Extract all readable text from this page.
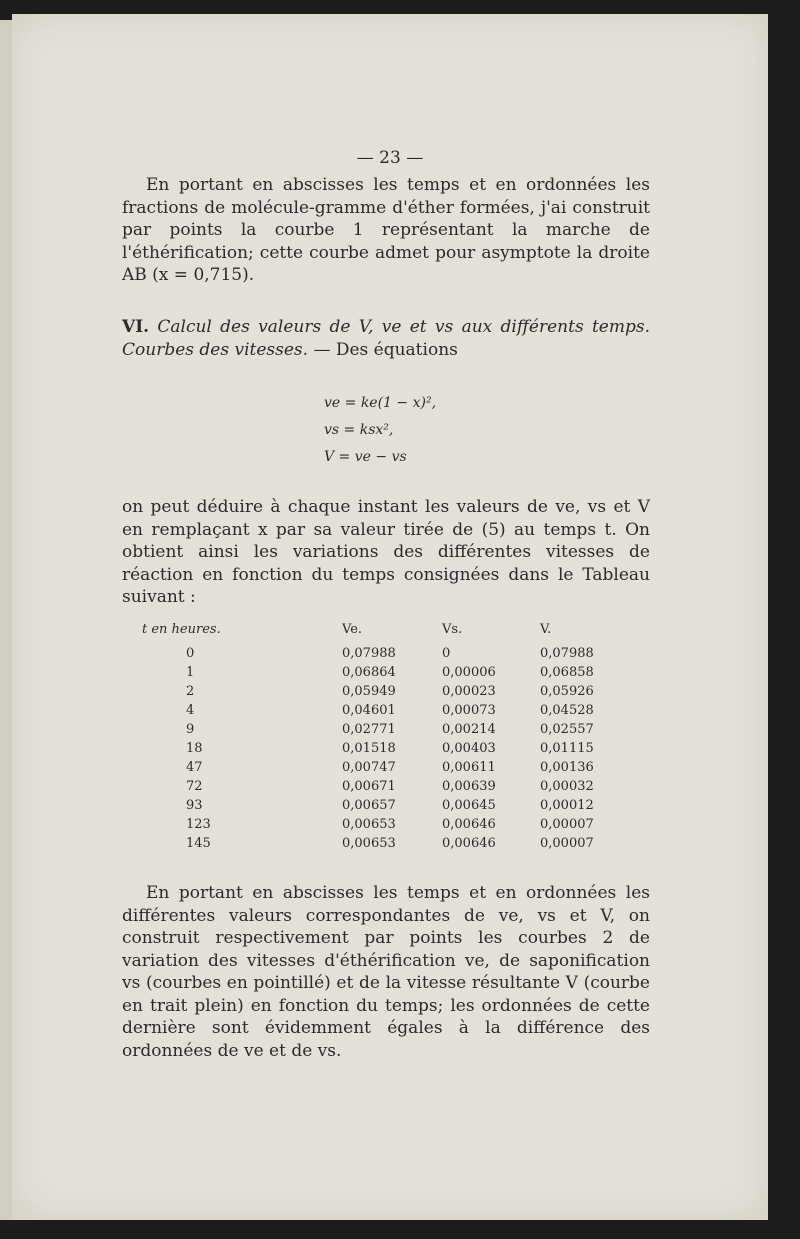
— 23 —
En portant en abscisses les temps et en ordonnées les fractions de molécule-gramme d'éther formées, j'ai construit par points la courbe 1 représentant la marche de l'éthérification; cette courbe admet pour asymptote la droite AB (x = 0,715).
VI. Calcul des valeurs de V, ve et vs aux différents temps. Courbes des vitesses. — Des équations
ve = ke(1 − x)²,
vs = ksx²,
V = ve − vs
on peut déduire à chaque instant les valeurs de ve, vs et V en remplaçant x par sa valeur tirée de (5) au temps t. On obtient ainsi les variations des différentes vitesses de réaction en fonction du temps consignées dans le Tableau suivant :
t en heures.	Ve.	Vs.	V.
0	0,07988	0	0,07988
1	0,06864	0,00006	0,06858
2	0,05949	0,00023	0,05926
4	0,04601	0,00073	0,04528
9	0,02771	0,00214	0,02557
18	0,01518	0,00403	0,01115
47	0,00747	0,00611	0,00136
72	0,00671	0,00639	0,00032
93	0,00657	0,00645	0,00012
123	0,00653	0,00646	0,00007
145	0,00653	0,00646	0,00007
En portant en abscisses les temps et en ordonnées les différentes valeurs correspondantes de ve, vs et V, on construit respectivement par points les courbes 2 de variation des vitesses d'éthérification ve, de saponification vs (courbes en pointillé) et de la vitesse résultante V (courbe en trait plein) en fonction du temps; les ordonnées de cette dernière sont évidemment égales à la différence des ordonnées de ve et de vs.
